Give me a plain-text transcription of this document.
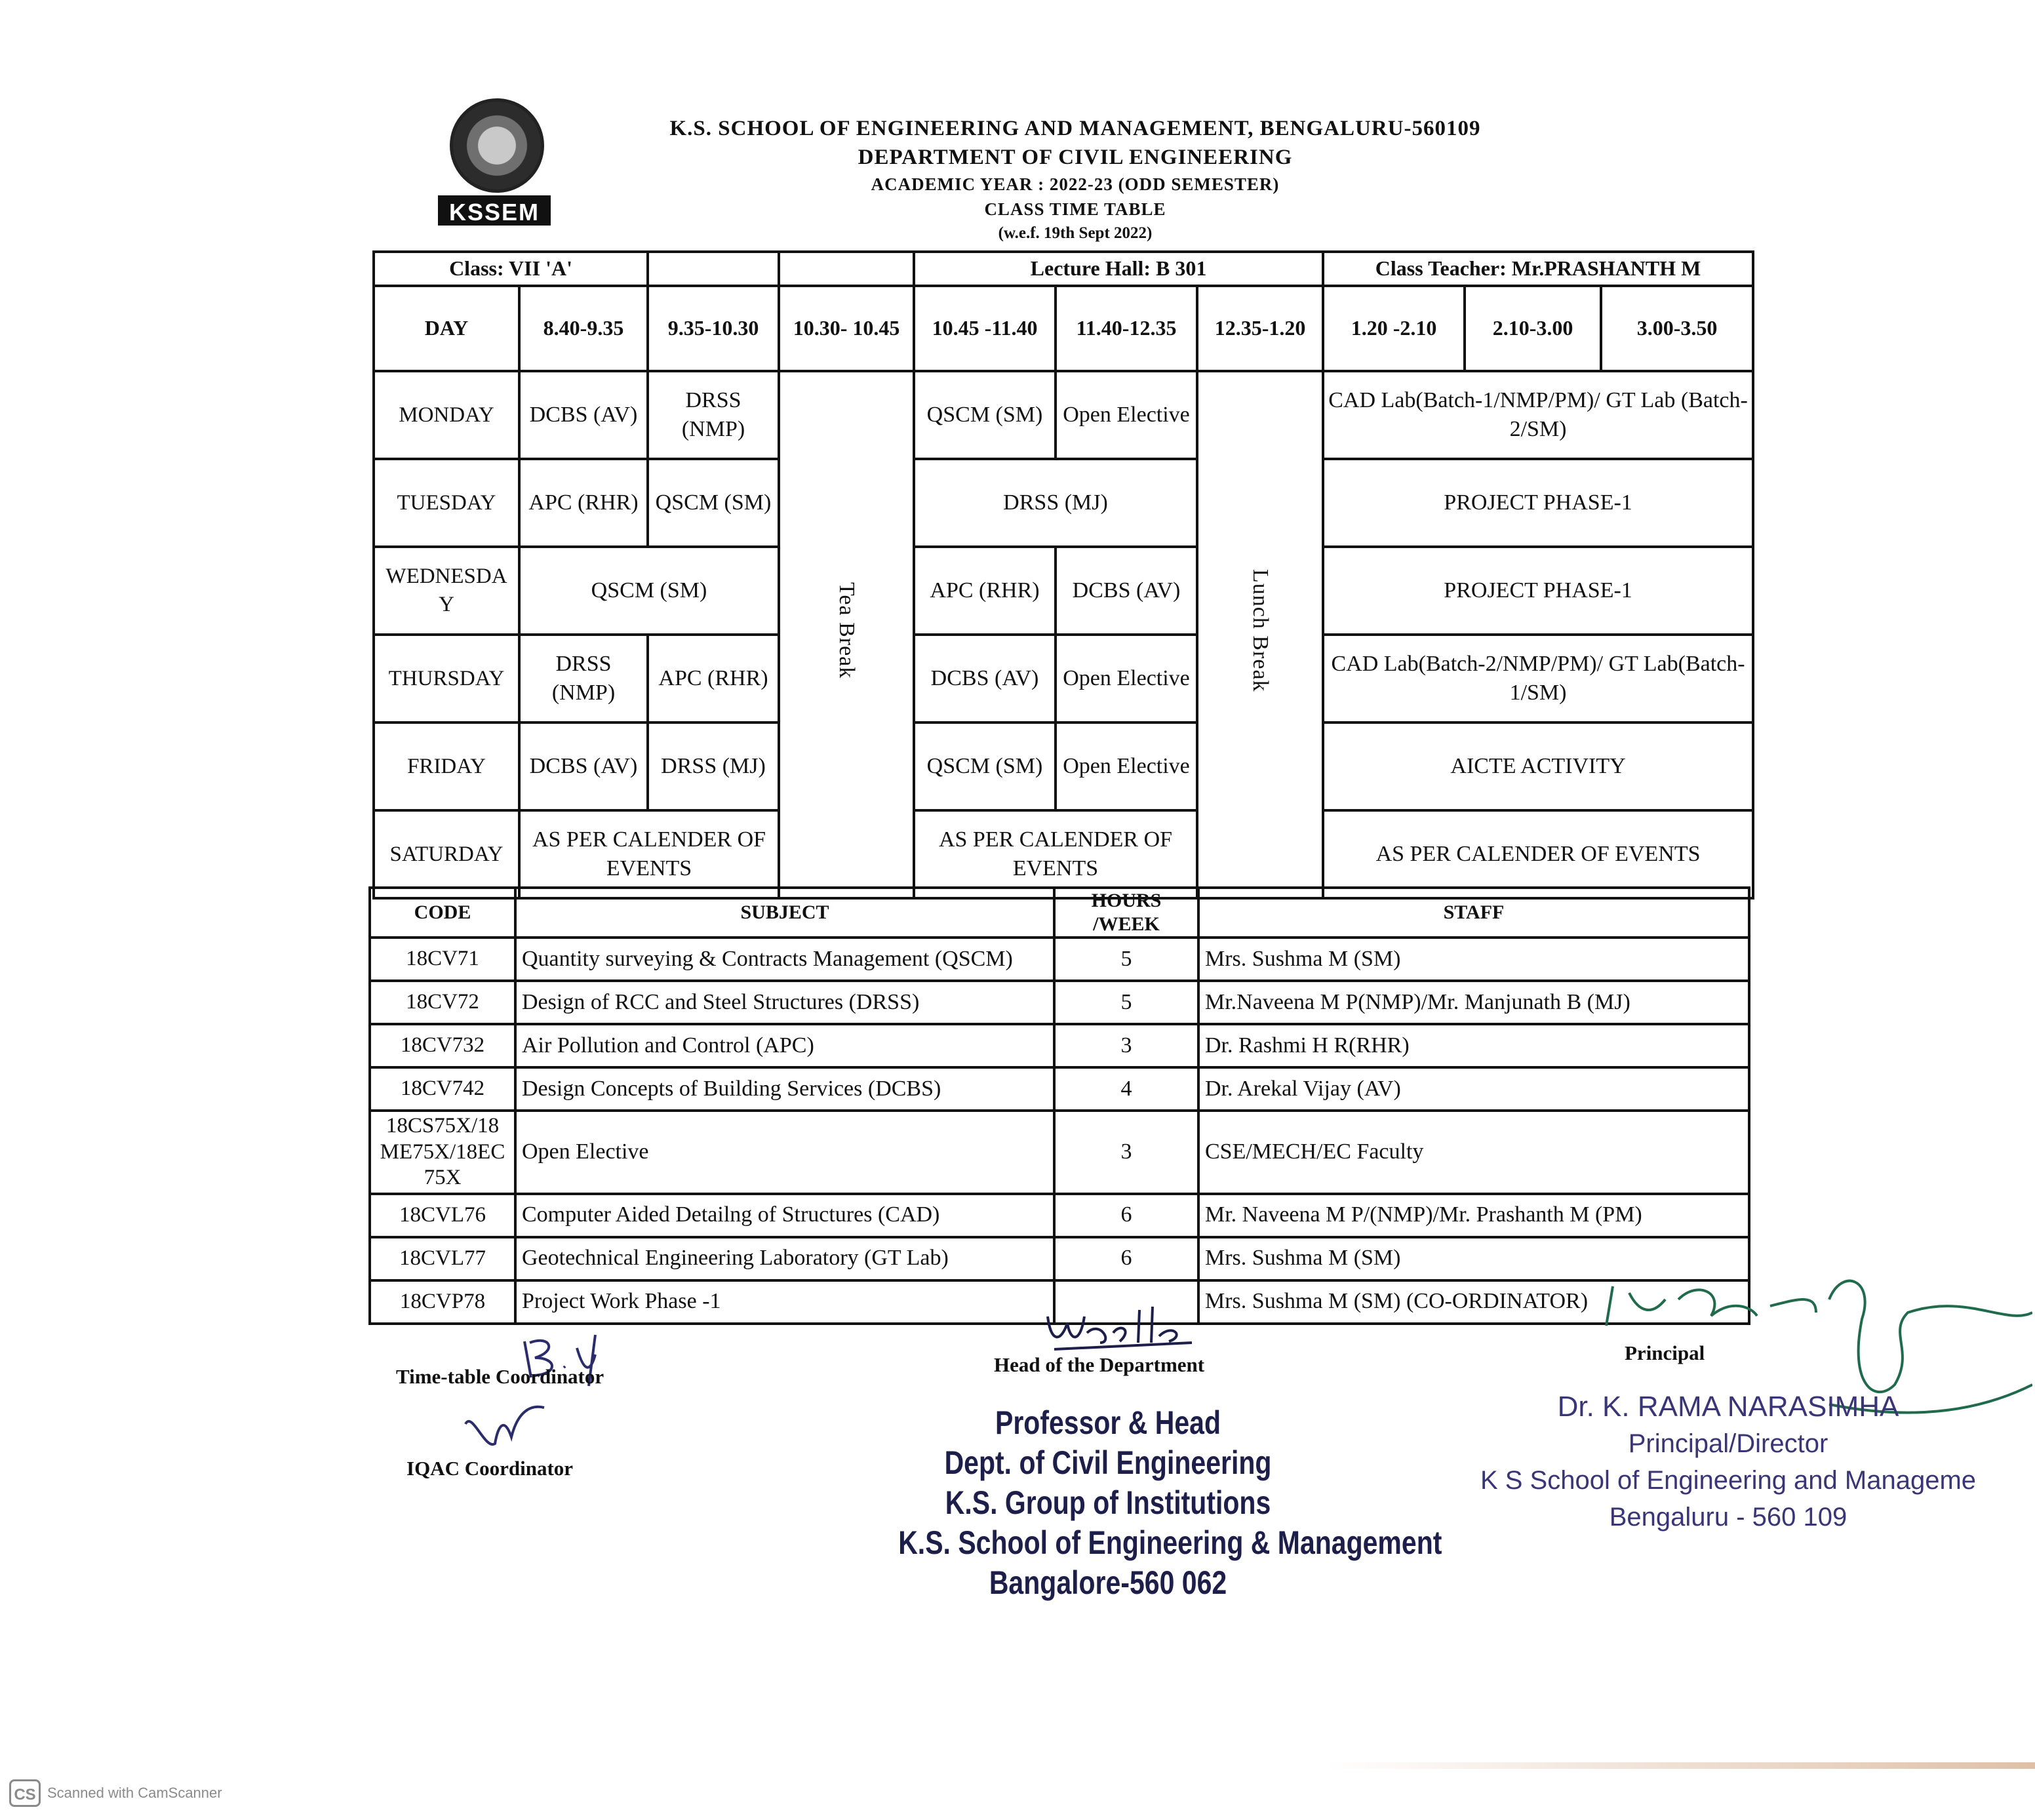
KSSEM
K.S. SCHOOL OF ENGINEERING AND MANAGEMENT, BENGALURU-560109
DEPARTMENT OF CIVIL ENGINEERING
ACADEMIC YEAR : 2022-23 (ODD SEMESTER)
CLASS TIME TABLE
(w.e.f. 19th Sept 2022)
Class: VII 'A'				Lecture Hall: B 301			Class Teacher: Mr.PRASHANTH M		
DAY	8.40-9.35	9.35-10.30	10.30- 10.45	10.45 -11.40	11.40-12.35	12.35-1.20	1.20 -2.10	2.10-3.00	3.00-3.50
MONDAY	DCBS (AV)	DRSS (NMP)	Tea Break	QSCM (SM)	Open Elective	Lunch Break	CAD Lab(Batch-1/NMP/PM)/ GT Lab (Batch-2/SM)		
TUESDAY	APC (RHR)	QSCM (SM)		DRSS (MJ)			PROJECT PHASE-1		
WEDNESDA Y	QSCM (SM)			APC (RHR)	DCBS (AV)		PROJECT PHASE-1		
THURSDAY	DRSS (NMP)	APC (RHR)		DCBS (AV)	Open Elective		CAD Lab(Batch-2/NMP/PM)/ GT Lab(Batch-1/SM)		
FRIDAY	DCBS (AV)	DRSS (MJ)		QSCM (SM)	Open Elective		AICTE ACTIVITY		
SATURDAY	AS PER CALENDER OF EVENTS			AS PER CALENDER OF EVENTS			AS PER CALENDER OF EVENTS		
CODE	SUBJECT	HOURS /WEEK	STAFF
18CV71	Quantity surveying & Contracts Management (QSCM)	5	Mrs. Sushma M (SM)
18CV72	Design of RCC and Steel Structures (DRSS)	5	Mr.Naveena M P(NMP)/Mr. Manjunath B (MJ)
18CV732	Air Pollution and Control (APC)	3	Dr. Rashmi H R(RHR)
18CV742	Design Concepts of Building Services (DCBS)	4	Dr. Arekal Vijay (AV)
18CS75X/18 ME75X/18EC 75X	Open Elective	3	CSE/MECH/EC Faculty
18CVL76	Computer Aided Detailng of Structures (CAD)	6	Mr. Naveena M P/(NMP)/Mr. Prashanth M (PM)
18CVL77	Geotechnical Engineering Laboratory (GT Lab)	6	Mrs. Sushma M (SM)
18CVP78	Project Work Phase -1		Mrs. Sushma M (SM) (CO-ORDINATOR)
Time-table Coordinator
IQAC Coordinator
Head of the Department
Professor & Head
Dept. of Civil Engineering
K.S. Group of Institutions
K.S. School of Engineering & Management
Bangalore-560 062
Principal
Dr. K. RAMA NARASIMHA
Principal/Director
K S School of Engineering and Manageme
Bengaluru - 560 109
CS Scanned with CamScanner
